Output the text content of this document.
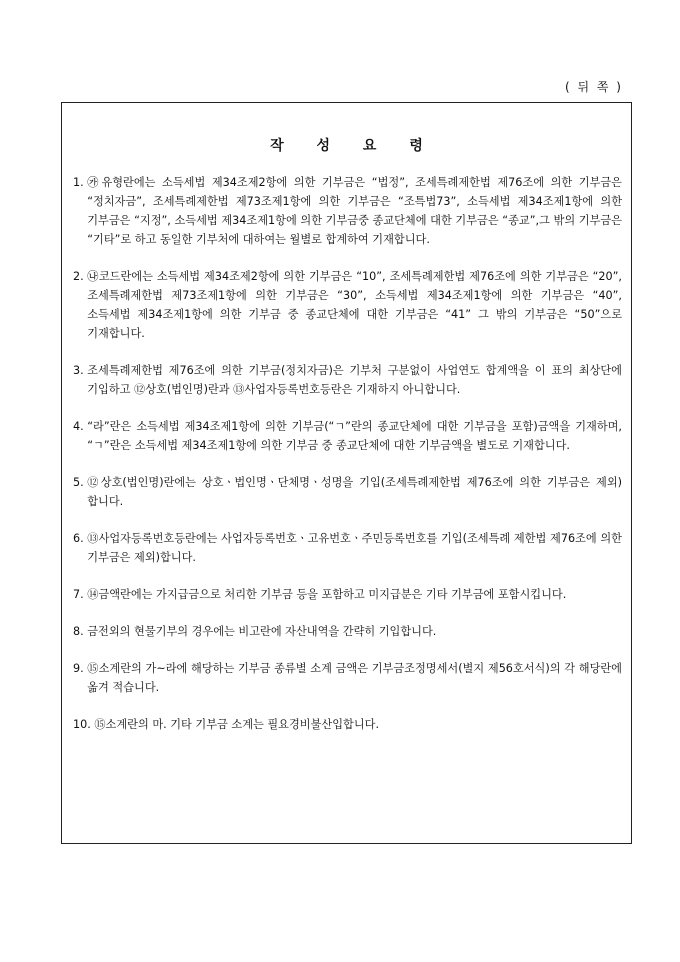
( 뒤 쪽 )
작 성 요 령
1. ㉮유형란에는 소득세법 제34조제2항에 의한 기부금은 “법정”, 조세특례제한법 제76조에 의한 기부금은 “정치자금”, 조세특례제한법 제73조제1항에 의한 기부금은 “조특법73”, 소득세법 제34조제1항에 의한 기부금은 “지정”, 소득세법 제34조제1항에 의한 기부금중 종교단체에 대한 기부금은 “종교”,그 밖의 기부금은 “기타”로 하고 동일한 기부처에 대하여는 월별로 합계하여 기재합니다.
2. ㉯코드란에는 소득세법 제34조제2항에 의한 기부금은 “10”, 조세특례제한법 제76조에 의한 기부금은 “20”, 조세특례제한법 제73조제1항에 의한 기부금은 “30”, 소득세법 제34조제1항에 의한 기부금은 “40”, 소득세법 제34조제1항에 의한 기부금 중 종교단체에 대한 기부금은 “41” 그 밖의 기부금은 “50”으로 기재합니다.
3. 조세특례제한법 제76조에 의한 기부금(정치자금)은 기부처 구분없이 사업연도 합계액을 이 표의 최상단에 기입하고 ⑫상호(법인명)란과 ⑬사업자등록번호등란은 기재하지 아니합니다.
4. “라”란은 소득세법 제34조제1항에 의한 기부금(“ㄱ”란의 종교단체에 대한 기부금을 포함)금액을 기재하며, “ㄱ”란은 소득세법 제34조제1항에 의한 기부금 중 종교단체에 대한 기부금액을 별도로 기재합니다.
5. ⑫상호(법인명)란에는 상호ㆍ법인명ㆍ단체명ㆍ성명을 기입(조세특례제한법 제76조에 의한 기부금은 제외)합니다.
6. ⑬사업자등록번호등란에는 사업자등록번호ㆍ고유번호ㆍ주민등록번호를 기입(조세특례 제한법 제76조에 의한 기부금은 제외)합니다.
7. ⑭금액란에는 가지급금으로 처리한 기부금 등을 포함하고 미지급분은 기타 기부금에 포함시킵니다.
8. 금전외의 현물기부의 경우에는 비고란에 자산내역을 간략히 기입합니다.
9. ⑮소계란의 가~라에 해당하는 기부금 종류별 소계 금액은 기부금조정명세서(별지 제56호서식)의 각 해당란에 옮겨 적습니다.
10. ⑮소계란의 마. 기타 기부금 소계는 필요경비불산입합니다.
